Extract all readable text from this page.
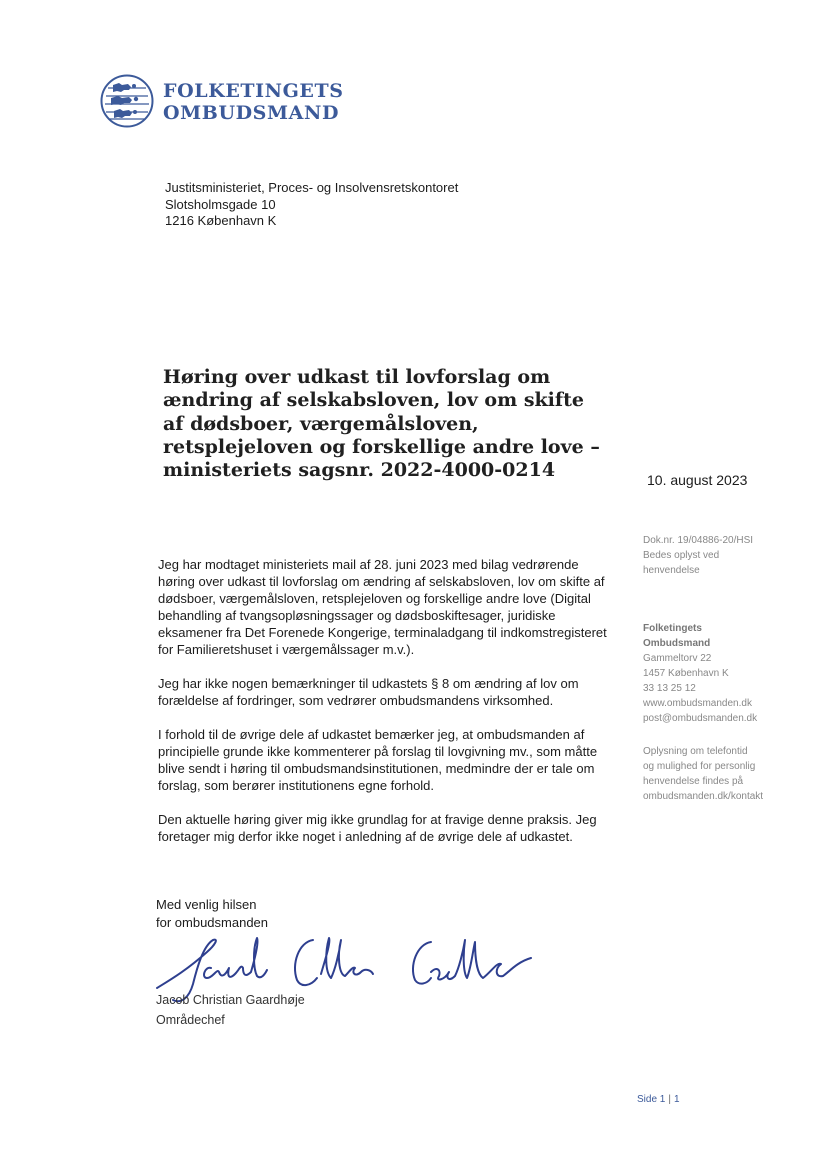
FOLKETINGETS
OMBUDSMAND
Justitsministeriet, Proces- og Insolvensretskontoret
Slotsholmsgade 10
1216 København K
Høring over udkast til lovforslag om ændring af selskabsloven, lov om skifte af dødsboer, værgemålsloven, retsplejeloven og forskellige andre love – ministeriets sagsnr. 2022-4000-0214	10. august 2023
Dok.nr. 19/04886-20/HSI
Bedes oplyst ved
henvendelse
Folketingets
Ombudsmand
Gammeltorv 22
1457 København K
33 13 25 12
www.ombudsmanden.dk
post@ombudsmanden.dk
Oplysning om telefontid
og mulighed for personlig
henvendelse findes på
ombudsmanden.dk/kontakt

Jeg har modtaget ministeriets mail af 28. juni 2023 med bilag vedrørende høring over udkast til lovforslag om ændring af selskabsloven, lov om skifte af dødsboer, værgemålsloven, retsplejeloven og forskellige andre love (Digital behandling af tvangsopløsningssager og dødsboskiftesager, juridiske eksamener fra Det Forenede Kongerige, terminaladgang til indkomstregisteret for Familieretshuset i værgemålssager m.v.).

Jeg har ikke nogen bemærkninger til udkastets § 8 om ændring af lov om forældelse af fordringer, som vedrører ombudsmandens virksomhed.

I forhold til de øvrige dele af udkastet bemærker jeg, at ombudsmanden af principielle grunde ikke kommenterer på forslag til lovgivning mv., som måtte blive sendt i høring til ombudsmandsinstitutionen, medmindre der er tale om forslag, som berører institutionens egne forhold.

Den aktuelle høring giver mig ikke grundlag for at fravige denne praksis. Jeg foretager mig derfor ikke noget i anledning af de øvrige dele af udkastet.

Med venlig hilsen
for ombudsmanden
Jacob Christian Gaardhøje
Jacob Christian Gaardhøje
Områdechef
Side 1 | 1
